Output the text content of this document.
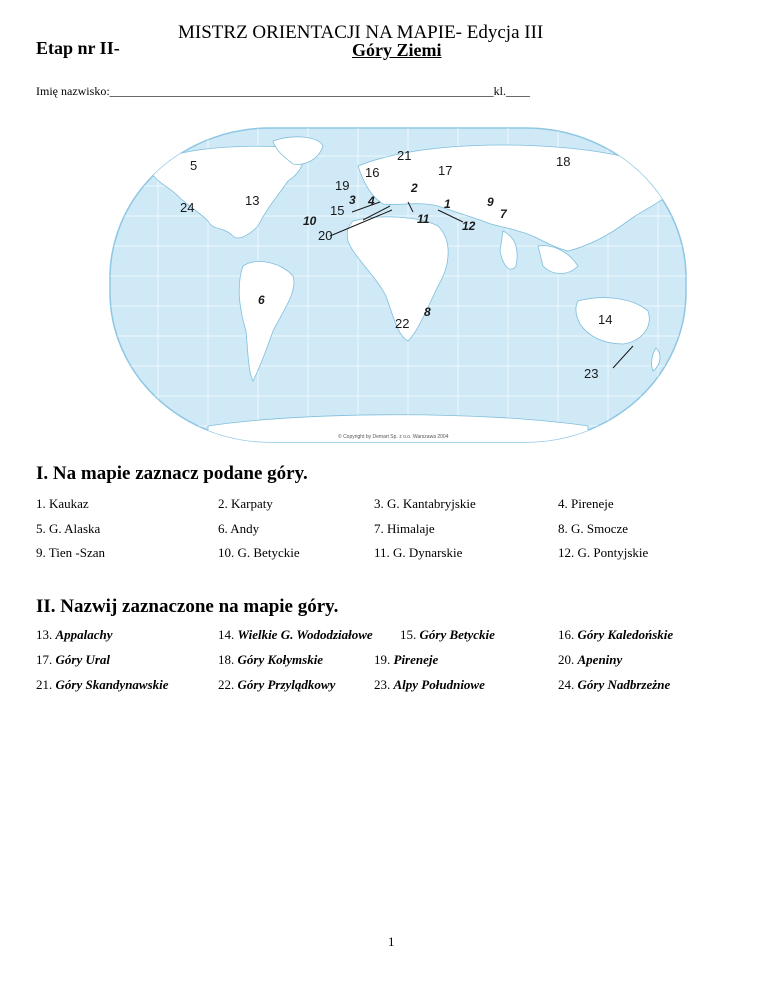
MISTRZ ORIENTACJI NA MAPIE- Edycja III
Etap nr II-	Góry Ziemi
Imię nazwisko:________________________________________________________________kl.____
5
13
24
6
19
3 4
15
10
20
16
21
2
17
18
1	9
7
11	12
8
22	14
23
© Copyright by Demart Sp. z o.o. Warszawa 2004
I. Na mapie zaznacz podane góry.
1. Kaukaz	2. Karpaty	3. G. Kantabryjskie	4. Pireneje
5. G. Alaska	6. Andy	7. Himalaje	8. G. Smocze
9. Tien -Szan	10. G. Betyckie	11. G. Dynarskie	12. G. Pontyjskie
II. Nazwij zaznaczone na mapie góry.
13. Appalachy	14. Wielkie G. Wododziałowe 15. Góry Betyckie	16. Góry Kaledońskie
17. Góry Ural	18. Góry Kołymskie	19. Pireneje	20. Apeniny
21. Góry Skandynawskie	22. Góry Przylądkowy	23. Alpy Południowe	24. Góry Nadbrzeżne
1
